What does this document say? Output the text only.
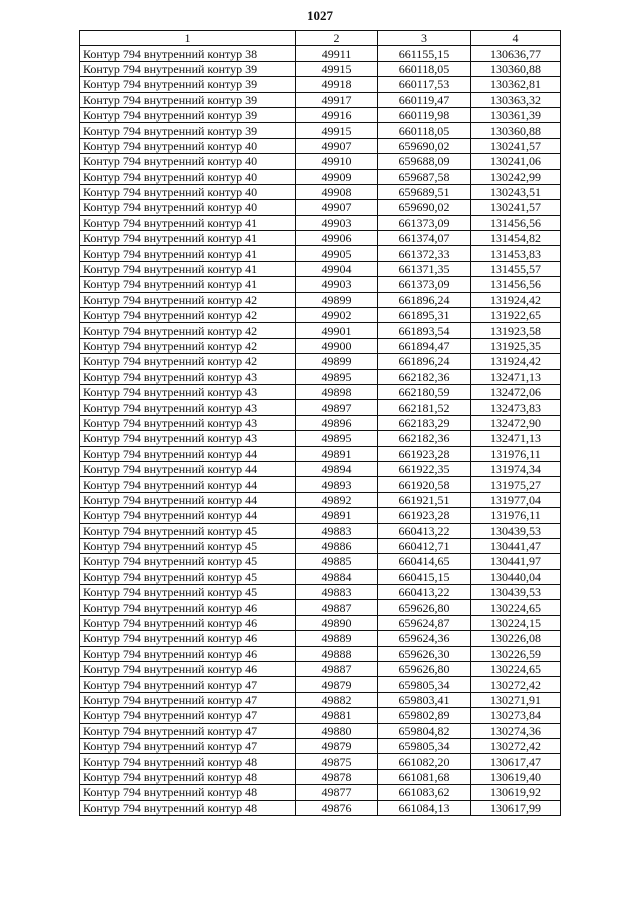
1027
1	2	3	4
Контур 794 внутренний контур 38	49911	661155,15	130636,77
Контур 794 внутренний контур 39	49915	660118,05	130360,88
Контур 794 внутренний контур 39	49918	660117,53	130362,81
Контур 794 внутренний контур 39	49917	660119,47	130363,32
Контур 794 внутренний контур 39	49916	660119,98	130361,39
Контур 794 внутренний контур 39	49915	660118,05	130360,88
Контур 794 внутренний контур 40	49907	659690,02	130241,57
Контур 794 внутренний контур 40	49910	659688,09	130241,06
Контур 794 внутренний контур 40	49909	659687,58	130242,99
Контур 794 внутренний контур 40	49908	659689,51	130243,51
Контур 794 внутренний контур 40	49907	659690,02	130241,57
Контур 794 внутренний контур 41	49903	661373,09	131456,56
Контур 794 внутренний контур 41	49906	661374,07	131454,82
Контур 794 внутренний контур 41	49905	661372,33	131453,83
Контур 794 внутренний контур 41	49904	661371,35	131455,57
Контур 794 внутренний контур 41	49903	661373,09	131456,56
Контур 794 внутренний контур 42	49899	661896,24	131924,42
Контур 794 внутренний контур 42	49902	661895,31	131922,65
Контур 794 внутренний контур 42	49901	661893,54	131923,58
Контур 794 внутренний контур 42	49900	661894,47	131925,35
Контур 794 внутренний контур 42	49899	661896,24	131924,42
Контур 794 внутренний контур 43	49895	662182,36	132471,13
Контур 794 внутренний контур 43	49898	662180,59	132472,06
Контур 794 внутренний контур 43	49897	662181,52	132473,83
Контур 794 внутренний контур 43	49896	662183,29	132472,90
Контур 794 внутренний контур 43	49895	662182,36	132471,13
Контур 794 внутренний контур 44	49891	661923,28	131976,11
Контур 794 внутренний контур 44	49894	661922,35	131974,34
Контур 794 внутренний контур 44	49893	661920,58	131975,27
Контур 794 внутренний контур 44	49892	661921,51	131977,04
Контур 794 внутренний контур 44	49891	661923,28	131976,11
Контур 794 внутренний контур 45	49883	660413,22	130439,53
Контур 794 внутренний контур 45	49886	660412,71	130441,47
Контур 794 внутренний контур 45	49885	660414,65	130441,97
Контур 794 внутренний контур 45	49884	660415,15	130440,04
Контур 794 внутренний контур 45	49883	660413,22	130439,53
Контур 794 внутренний контур 46	49887	659626,80	130224,65
Контур 794 внутренний контур 46	49890	659624,87	130224,15
Контур 794 внутренний контур 46	49889	659624,36	130226,08
Контур 794 внутренний контур 46	49888	659626,30	130226,59
Контур 794 внутренний контур 46	49887	659626,80	130224,65
Контур 794 внутренний контур 47	49879	659805,34	130272,42
Контур 794 внутренний контур 47	49882	659803,41	130271,91
Контур 794 внутренний контур 47	49881	659802,89	130273,84
Контур 794 внутренний контур 47	49880	659804,82	130274,36
Контур 794 внутренний контур 47	49879	659805,34	130272,42
Контур 794 внутренний контур 48	49875	661082,20	130617,47
Контур 794 внутренний контур 48	49878	661081,68	130619,40
Контур 794 внутренний контур 48	49877	661083,62	130619,92
Контур 794 внутренний контур 48	49876	661084,13	130617,99
